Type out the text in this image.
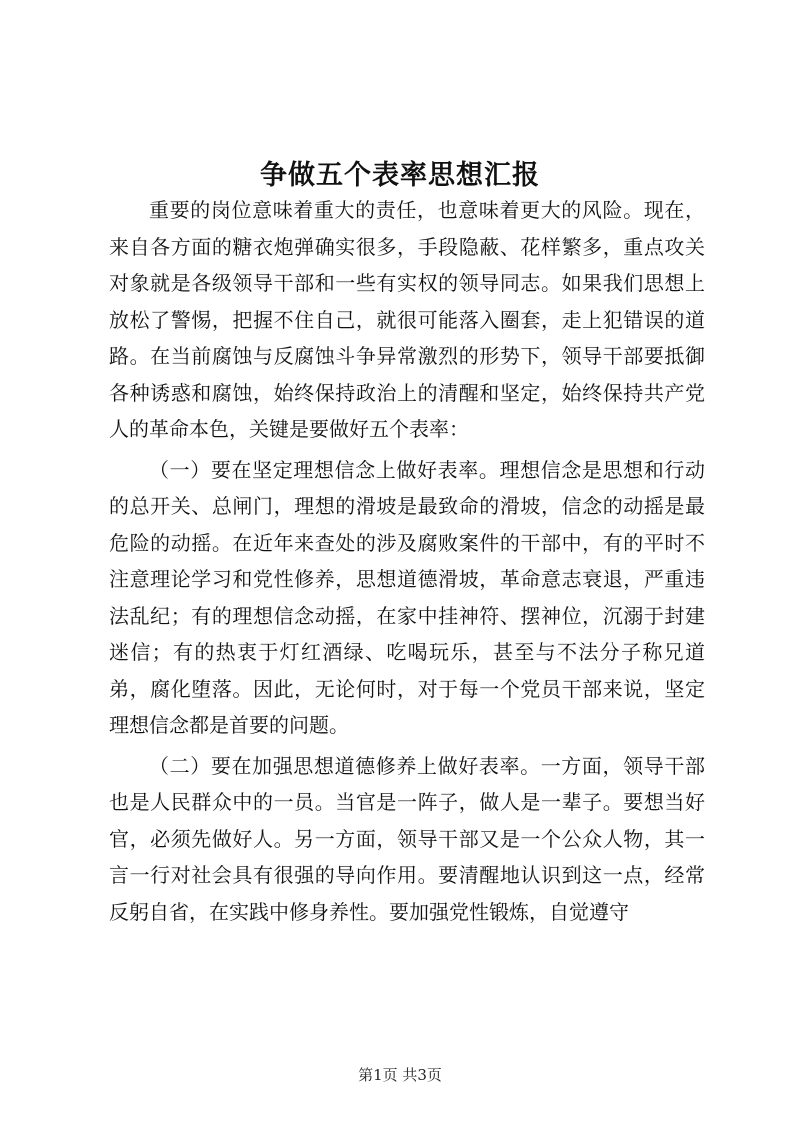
争做五个表率思想汇报

重要的岗位意味着重大的责任，也意味着更大的风险。现在，来自各方面的糖衣炮弹确实很多，手段隐蔽、花样繁多，重点攻关对象就是各级领导干部和一些有实权的领导同志。如果我们思想上放松了警惕，把握不住自己，就很可能落入圈套，走上犯错误的道路。在当前腐蚀与反腐蚀斗争异常激烈的形势下，领导干部要抵御各种诱惑和腐蚀，始终保持政治上的清醒和坚定，始终保持共产党人的革命本色，关键是要做好五个表率：

（一）要在坚定理想信念上做好表率。理想信念是思想和行动的总开关、总闸门，理想的滑坡是最致命的滑坡，信念的动摇是最危险的动摇。在近年来查处的涉及腐败案件的干部中，有的平时不注意理论学习和党性修养，思想道德滑坡，革命意志衰退，严重违法乱纪；有的理想信念动摇，在家中挂神符、摆神位，沉溺于封建迷信；有的热衷于灯红酒绿、吃喝玩乐，甚至与不法分子称兄道弟，腐化堕落。因此，无论何时，对于每一个党员干部来说，坚定理想信念都是首要的问题。

（二）要在加强思想道德修养上做好表率。一方面，领导干部也是人民群众中的一员。当官是一阵子，做人是一辈子。要想当好官，必须先做好人。另一方面，领导干部又是一个公众人物，其一言一行对社会具有很强的导向作用。要清醒地认识到这一点，经常反躬自省，在实践中修身养性。要加强党性锻炼，自觉遵守

第1页 共3页
